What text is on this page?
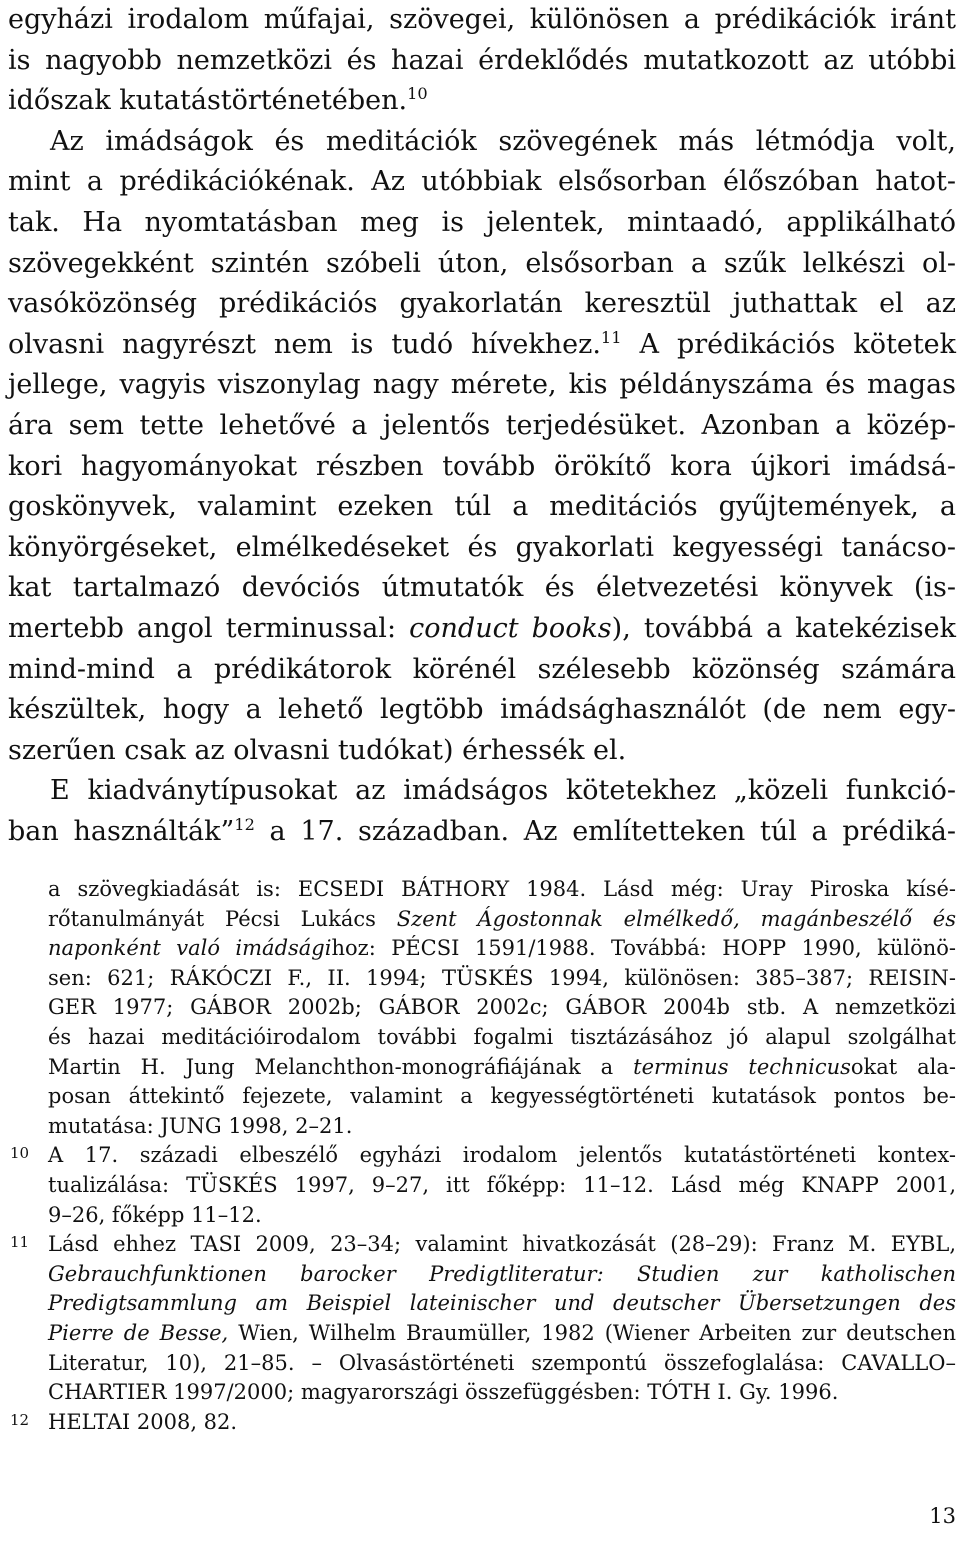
egyházi irodalom műfajai, szövegei, különösen a prédikációk iránt
is nagyobb nemzetközi és hazai érdeklődés mutatkozott az utóbbi
időszak kutatástörténetében.$^{10}$
Az imádságok és meditációk szövegének más létmódja volt,
mint a prédikációkénak. Az utóbbiak elsősorban élőszóban hatot-
tak. Ha nyomtatásban meg is jelentek, mintaadó, applikálható
szövegekként szintén szóbeli úton, elsősorban a szűk lelkészi ol-
vasóközönség prédikációs gyakorlatán keresztül juthattak el az
olvasni nagyrészt nem is tudó hívekhez.$^{11}$ A prédikációs kötetek
jellege, vagyis viszonylag nagy mérete, kis példányszáma és magas
ára sem tette lehetővé a jelentős terjedésüket. Azonban a közép-
kori hagyományokat részben tovább örökítő kora újkori imádsá-
goskönyvek, valamint ezeken túl a meditációs gyűjtemények, a
könyörgéseket, elmélkedéseket és gyakorlati kegyességi tanácso-
kat tartalmazó devóciós útmutatók és életvezetési könyvek (is-
mertebb angol terminussal: conduct books), továbbá a katekézisek
mind-mind a prédikátorok körénél szélesebb közönség számára
készültek, hogy a lehető legtöbb imádsághasználót (de nem egy-
szerűen csak az olvasni tudókat) érhessék el.
E kiadványtípusokat az imádságos kötetekhez „közeli funkció-
ban használták”$^{12}$ a 17. században. Az említetteken túl a prédiká-
a szövegkiadását is: ECSEDI BÁTHORY 1984. Lásd még: Uray Piroska kísé-
rőtanulmányát Pécsi Lukács Szent Ágostonnak elmélkedő, magánbeszélő és
naponként való imádságihoz: PÉCSI 1591/1988. Továbbá: HOPP 1990, különö-
sen: 621; RÁKÓCZI F., II. 1994; TÜSKÉS 1994, különösen: 385–387; REISIN-
GER 1977; GÁBOR 2002b; GÁBOR 2002c; GÁBOR 2004b stb. A nemzetközi
és hazai meditációirodalom további fogalmi tisztázásához jó alapul szolgálhat
Martin H. Jung Melanchthon-monográfiájának a terminus technicusokat ala-
posan áttekintő fejezete, valamint a kegyességtörténeti kutatások pontos be-
mutatása: JUNG 1998, 2–21.
10 A 17. századi elbeszélő egyházi irodalom jelentős kutatástörténeti kontex-
tualizálása: TÜSKÉS 1997, 9–27, itt főképp: 11–12. Lásd még KNAPP 2001,
9–26, főképp 11–12.
11 Lásd ehhez TASI 2009, 23–34; valamint hivatkozását (28–29): Franz M. EYBL,
Gebrauchfunktionen barocker Predigtliteratur: Studien zur katholischen
Predigtsammlung am Beispiel lateinischer und deutscher Übersetzungen des
Pierre de Besse, Wien, Wilhelm Braumüller, 1982 (Wiener Arbeiten zur deutschen
Literatur, 10), 21–85. – Olvasástörténeti szempontú összefoglalása: CAVALLO–
CHARTIER 1997/2000; magyarországi összefüggésben: TÓTH I. Gy. 1996.
12 HELTAI 2008, 82.
13
